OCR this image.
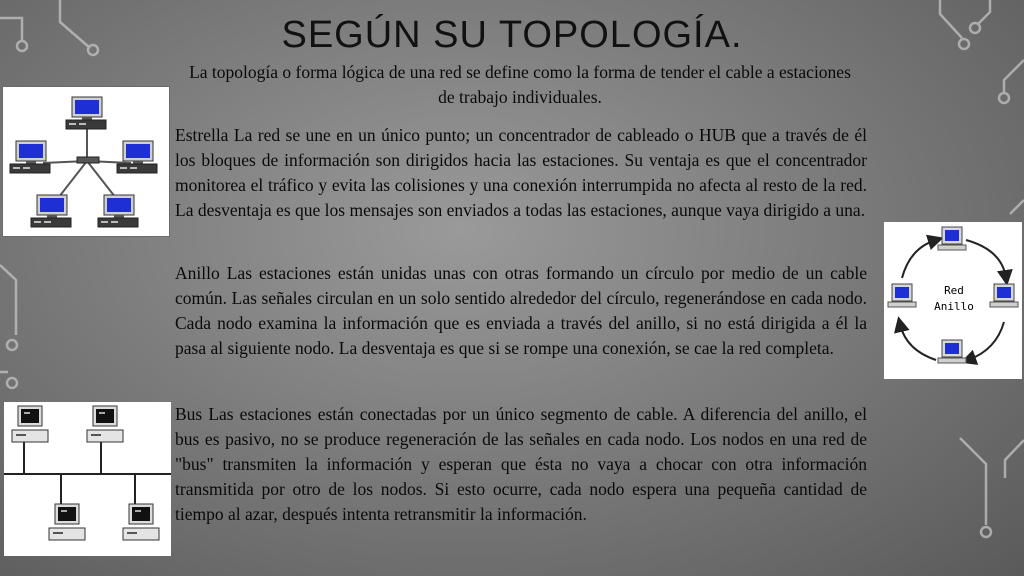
SEGÚN SU TOPOLOGÍA.
La topología o forma lógica de una red se define como la forma de tender el cable a estaciones de trabajo individuales.

Estrella La red se une en un único punto; un concentrador de cableado o HUB que a través de él los bloques de información son dirigidos hacia las estaciones. Su ventaja es que el concentrador monitorea el tráfico y evita las colisiones y una conexión interrumpida no afecta al resto de la red. La desventaja es que los mensajes son enviados a todas las estaciones, aunque vaya dirigido a una.

Anillo Las estaciones están unidas unas con otras formando un círculo por medio de un cable común. Las señales circulan en un solo sentido alrededor del círculo, regenerándose en cada nodo. Cada nodo examina la información que es enviada a través del anillo, si no está dirigida a él la pasa al siguiente nodo. La desventaja es que si se rompe una conexión, se cae la red completa.

Bus Las estaciones están conectadas por un único segmento de cable. A diferencia del anillo, el bus es pasivo, no se produce regeneración de las señales en cada nodo. Los nodos en una red de "bus" transmiten la información y esperan que ésta no vaya a chocar con otra información transmitida por otro de los nodos. Si esto ocurre, cada nodo espera una pequeña cantidad de tiempo al azar, después intenta retransmitir la información.

Red
Anillo
